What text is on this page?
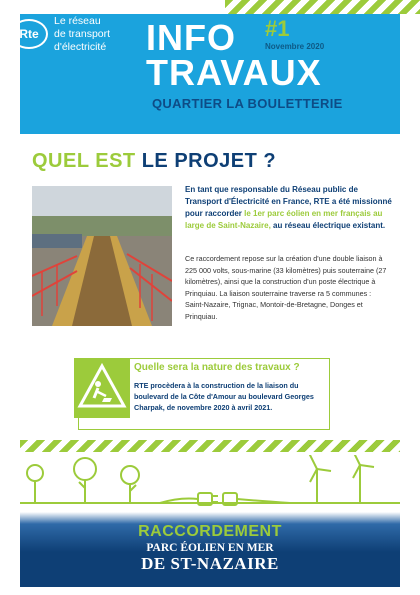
Rte
Le réseau
de transport
d'électricité	INFO
TRAVAUX
#1
Novembre 2020
QUARTIER LA BOULETTERIE
QUEL EST LE PROJET ?
En tant que responsable du Réseau public de Transport d'Électricité en France, RTE a été missionné pour raccorder le 1er parc éolien en mer français au large de Saint-Nazaire, au réseau électrique existant.
Ce raccordement repose sur la création d'une double liaison à 225 000 volts, sous-marine (33 kilomètres) puis souterraine (27 kilomètres), ainsi que la construction d'un poste électrique à Prinquiau. La liaison souterraine traverse ra 5 communes : Saint-Nazaire, Trignac, Montoir-de-Bretagne, Donges et Prinquiau.
Quelle sera la nature des travaux ?
RTE procèdera à la construction de la liaison du boulevard de la Côte d'Amour au boulevard Georges Charpak, de novembre 2020 à avril 2021.
RACCORDEMENT
PARC ÉOLIEN EN MER
DE ST-NAZAIRE
